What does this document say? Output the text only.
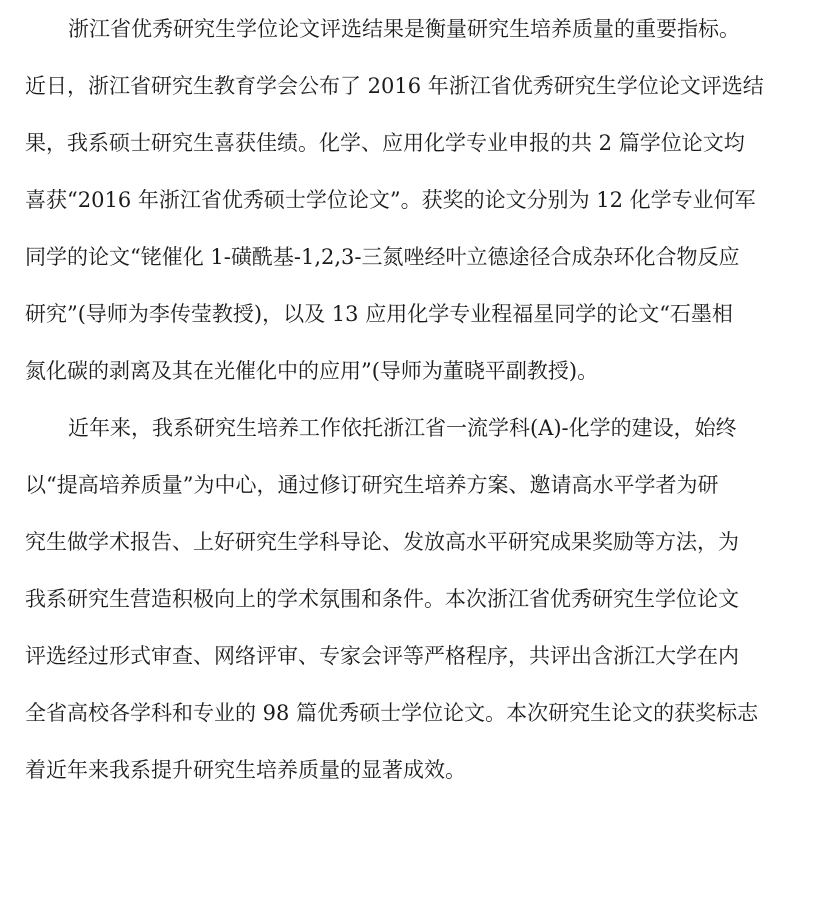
浙江省优秀研究生学位论文评选结果是衡量研究生培养质量的重要指标。
近日，浙江省研究生教育学会公布了 2016 年浙江省优秀研究生学位论文评选结
果，我系硕士研究生喜获佳绩。化学、应用化学专业申报的共 2 篇学位论文均
喜获“2016 年浙江省优秀硕士学位论文”。获奖的论文分别为 12 化学专业何军
同学的论文“铑催化 1-磺酰基-1,2,3-三氮唑经叶立德途径合成杂环化合物反应
研究”(导师为李传莹教授)，以及 13 应用化学专业程福星同学的论文“石墨相
氮化碳的剥离及其在光催化中的应用”(导师为董晓平副教授)。
近年来，我系研究生培养工作依托浙江省一流学科(A)-化学的建设，始终
以“提高培养质量”为中心，通过修订研究生培养方案、邀请高水平学者为研
究生做学术报告、上好研究生学科导论、发放高水平研究成果奖励等方法，为
我系研究生营造积极向上的学术氛围和条件。本次浙江省优秀研究生学位论文
评选经过形式审查、网络评审、专家会评等严格程序，共评出含浙江大学在内
全省高校各学科和专业的 98 篇优秀硕士学位论文。本次研究生论文的获奖标志
着近年来我系提升研究生培养质量的显著成效。
